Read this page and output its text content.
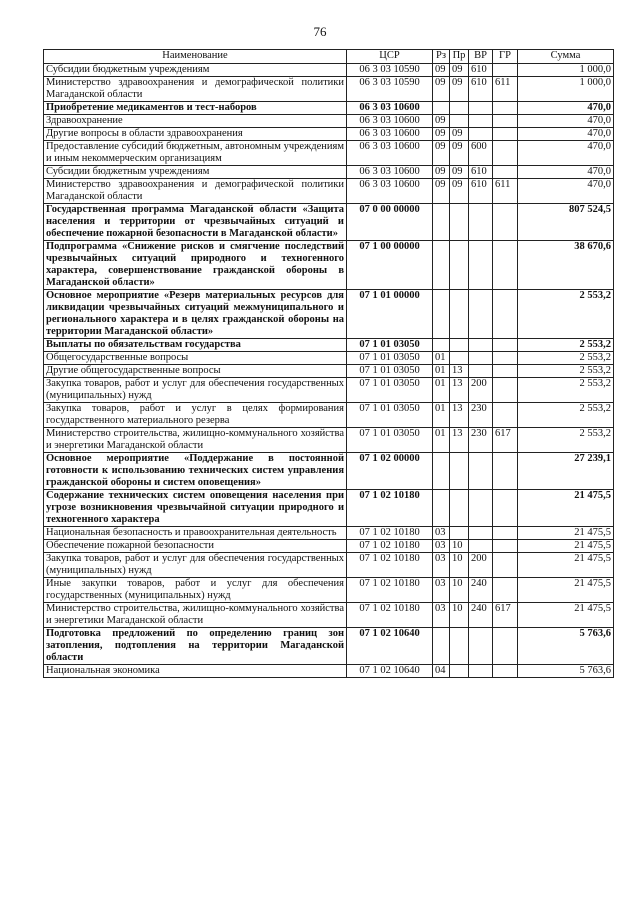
76
Наименование	ЦСР	Рз	Пр	ВР	ГР	Сумма
Субсидии бюджетным учреждениям	06 3 03 10590	09	09	610		1 000,0
Министерство здравоохранения и демографической политики Магаданской области	06 3 03 10590	09	09	610	611	1 000,0
Приобретение медикаментов и тест-наборов	06 3 03 10600					470,0
Здравоохранение	06 3 03 10600	09				470,0
Другие вопросы в области здравоохранения	06 3 03 10600	09	09			470,0
Предоставление субсидий бюджетным, автономным учреждениям и иным некоммерческим организациям	06 3 03 10600	09	09	600		470,0
Субсидии бюджетным учреждениям	06 3 03 10600	09	09	610		470,0
Министерство здравоохранения и демографической политики Магаданской области	06 3 03 10600	09	09	610	611	470,0
Государственная программа Магаданской области «Защита населения и территории от чрезвычайных ситуаций и обеспечение пожарной безопасности в Магаданской области»	07 0 00 00000					807 524,5
Подпрограмма «Снижение рисков и смягчение последствий чрезвычайных ситуаций природного и техногенного характера, совершенствование гражданской обороны в Магаданской области»	07 1 00 00000					38 670,6
Основное мероприятие «Резерв материальных ресурсов для ликвидации чрезвычайных ситуаций межмуниципального и регионального характера и в целях гражданской обороны на территории Магаданской области»	07 1 01 00000					2 553,2
Выплаты по обязательствам государства	07 1 01 03050					2 553,2
Общегосударственные вопросы	07 1 01 03050	01				2 553,2
Другие общегосударственные вопросы	07 1 01 03050	01	13			2 553,2
Закупка товаров, работ и услуг для обеспечения государственных (муниципальных) нужд	07 1 01 03050	01	13	200		2 553,2
Закупка товаров, работ и услуг в целях формирования государственного материального резерва	07 1 01 03050	01	13	230		2 553,2
Министерство строительства, жилищно-коммунального хозяйства и энергетики Магаданской области	07 1 01 03050	01	13	230	617	2 553,2
Основное мероприятие «Поддержание в постоянной готовности к использованию технических систем управления гражданской обороны и систем оповещения»	07 1 02 00000					27 239,1
Содержание технических систем оповещения населения при угрозе возникновения чрезвычайной ситуации природного и техногенного характера	07 1 02 10180					21 475,5
Национальная безопасность и правоохранительная деятельность	07 1 02 10180	03				21 475,5
Обеспечение пожарной безопасности	07 1 02 10180	03	10			21 475,5
Закупка товаров, работ и услуг для обеспечения государственных (муниципальных) нужд	07 1 02 10180	03	10	200		21 475,5
Иные закупки товаров, работ и услуг для обеспечения государственных (муниципальных) нужд	07 1 02 10180	03	10	240		21 475,5
Министерство строительства, жилищно-коммунального хозяйства и энергетики Магаданской области	07 1 02 10180	03	10	240	617	21 475,5
Подготовка предложений по определению границ зон затопления, подтопления на территории Магаданской области	07 1 02 10640					5 763,6
Национальная экономика	07 1 02 10640	04				5 763,6
